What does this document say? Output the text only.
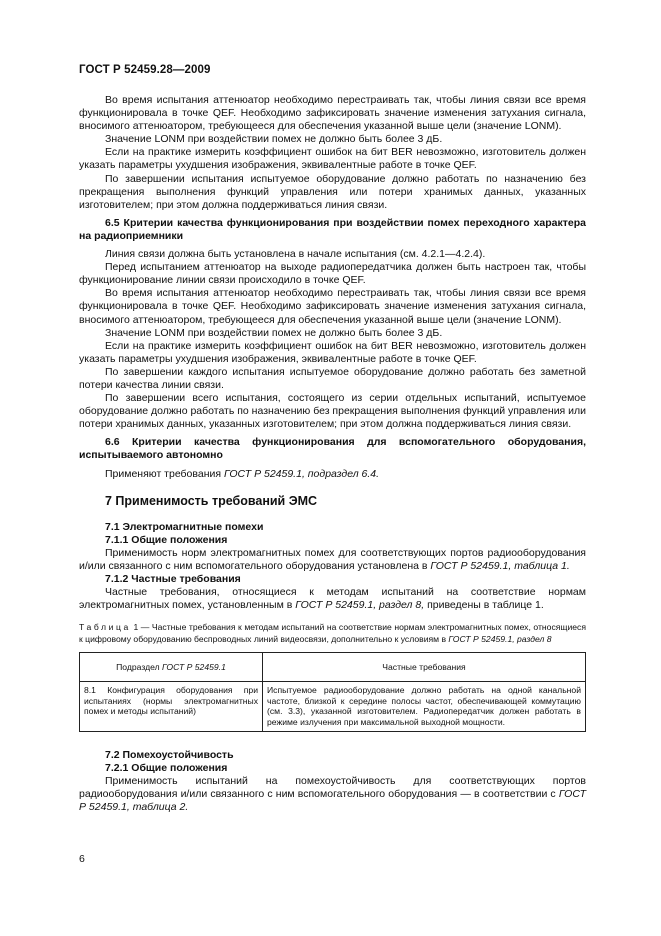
ГОСТ Р 52459.28—2009

Во время испытания аттенюатор необходимо перестраивать так, чтобы линия связи все время функционировала в точке QEF. Необходимо зафиксировать значение изменения затухания сигнала, вносимого аттенюатором, требующееся для обеспечения указанной выше цели (значение LONM).

Значение LONM при воздействии помех не должно быть более 3 дБ.

Если на практике измерить коэффициент ошибок на бит BER невозможно, изготовитель должен указать параметры ухудшения изображения, эквивалентные работе в точке QEF.

По завершении испытания испытуемое оборудование должно работать по назначению без прекращения выполнения функций управления или потери хранимых данных, указанных изготовителем; при этом должна поддерживаться линия связи.

6.5 Критерии качества функционирования при воздействии помех переходного характера на радиоприемники

Линия связи должна быть установлена в начале испытания (см. 4.2.1—4.2.4).

Перед испытанием аттенюатор на выходе радиопередатчика должен быть настроен так, чтобы функционирование линии связи происходило в точке QEF.

Во время испытания аттенюатор необходимо перестраивать так, чтобы линия связи все время функционировала в точке QEF. Необходимо зафиксировать значение изменения затухания сигнала, вносимого аттенюатором, требующееся для обеспечения указанной выше цели (значение LONM).

Значение LONM при воздействии помех не должно быть более 3 дБ.

Если на практике измерить коэффициент ошибок на бит BER невозможно, изготовитель должен указать параметры ухудшения изображения, эквивалентные работе в точке QEF.

По завершении каждого испытания испытуемое оборудование должно работать без заметной потери качества линии связи.

По завершении всего испытания, состоящего из серии отдельных испытаний, испытуемое оборудование должно работать по назначению без прекращения выполнения функций управления или потери хранимых данных, указанных изготовителем; при этом должна поддерживаться линия связи.

6.6 Критерии качества функционирования для вспомогательного оборудования, испытываемого автономно

Применяют требования ГОСТ Р 52459.1, подраздел 6.4.

7 Применимость требований ЭМС

7.1 Электромагнитные помехи

7.1.1 Общие положения

Применимость норм электромагнитных помех для соответствующих портов радиооборудования и/или связанного с ним вспомогательного оборудования установлена в ГОСТ Р 52459.1, таблица 1.

7.1.2 Частные требования

Частные требования, относящиеся к методам испытаний на соответствие нормам электромагнитных помех, установленным в ГОСТ Р 52459.1, раздел 8, приведены в таблице 1.

Таблица 1 — Частные требования к методам испытаний на соответствие нормам электромагнитных помех, относящиеся к цифровому оборудованию беспроводных линий видеосвязи, дополнительно к условиям в ГОСТ Р 52459.1, раздел 8

Подраздел ГОСТ Р 52459.1	Частные требования
8.1 Конфигурация оборудования при испытаниях (нормы электромагнитных помех и методы испытаний)	Испытуемое радиооборудование должно работать на одной канальной частоте, близкой к середине полосы частот, обеспечивающей коммутацию (см. 3.3), указанной изготовителем. Радиопередатчик должен работать в режиме излучения при максимальной выходной мощности.

7.2 Помехоустойчивость

7.2.1 Общие положения

Применимость испытаний на помехоустойчивость для соответствующих портов радиооборудования и/или связанного с ним вспомогательного оборудования — в соответствии с ГОСТ Р 52459.1, таблица 2.

6
